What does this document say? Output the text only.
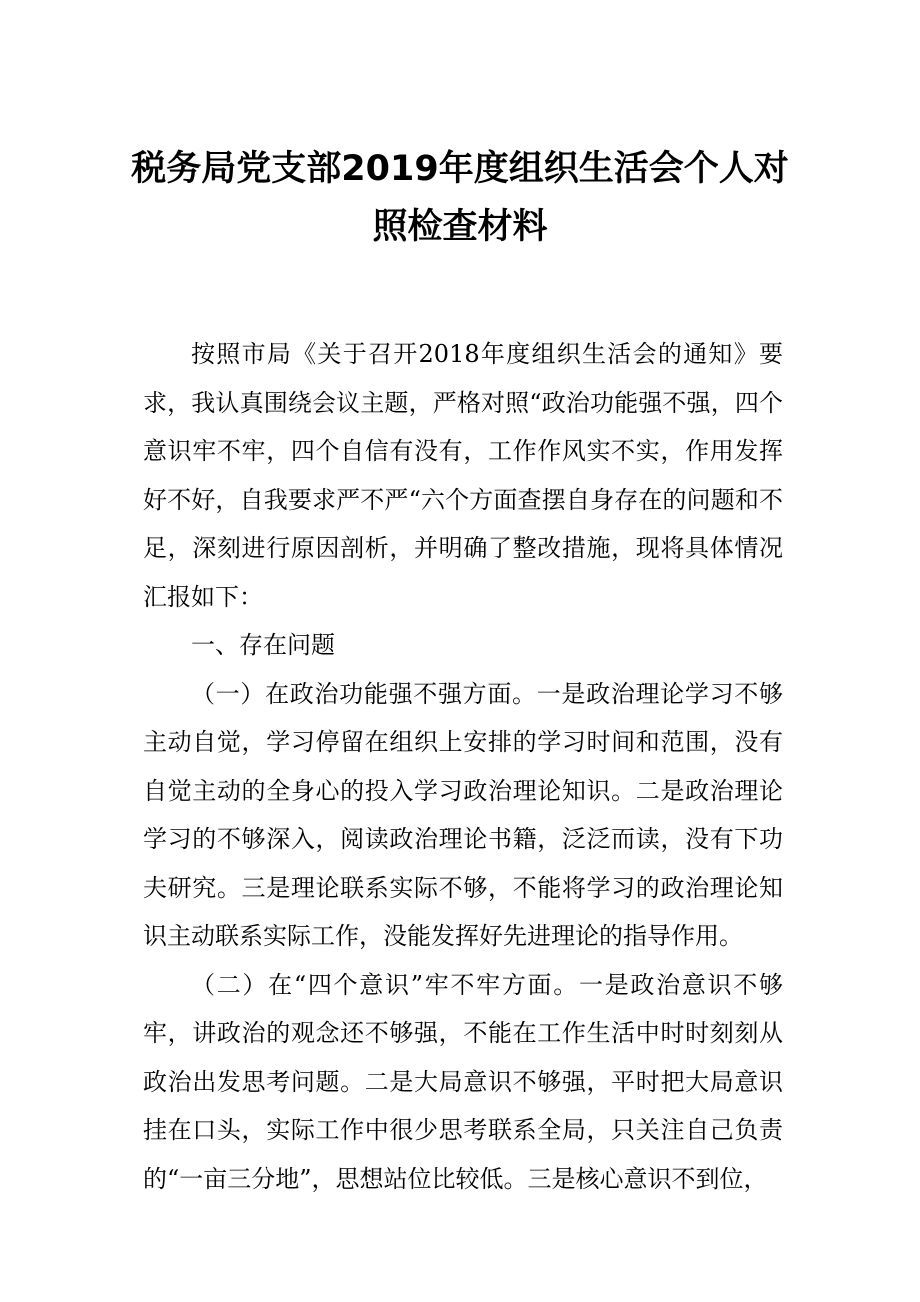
税务局党支部2019年度组织生活会个人对
照检查材料

按照市局《关于召开2018年度组织生活会的通知》要求，我认真围绕会议主题，严格对照“政治功能强不强，四个意识牢不牢，四个自信有没有，工作作风实不实，作用发挥好不好，自我要求严不严“六个方面查摆自身存在的问题和不足，深刻进行原因剖析，并明确了整改措施，现将具体情况汇报如下：

一、存在问题

（一）在政治功能强不强方面。一是政治理论学习不够主动自觉，学习停留在组织上安排的学习时间和范围，没有自觉主动的全身心的投入学习政治理论知识。二是政治理论学习的不够深入，阅读政治理论书籍，泛泛而读，没有下功夫研究。三是理论联系实际不够，不能将学习的政治理论知识主动联系实际工作，没能发挥好先进理论的指导作用。

（二）在“四个意识”牢不牢方面。一是政治意识不够牢，讲政治的观念还不够强，不能在工作生活中时时刻刻从政治出发思考问题。二是大局意识不够强，平时把大局意识挂在口头，实际工作中很少思考联系全局，只关注自己负责的“一亩三分地”，思想站位比较低。三是核心意识不到位，
